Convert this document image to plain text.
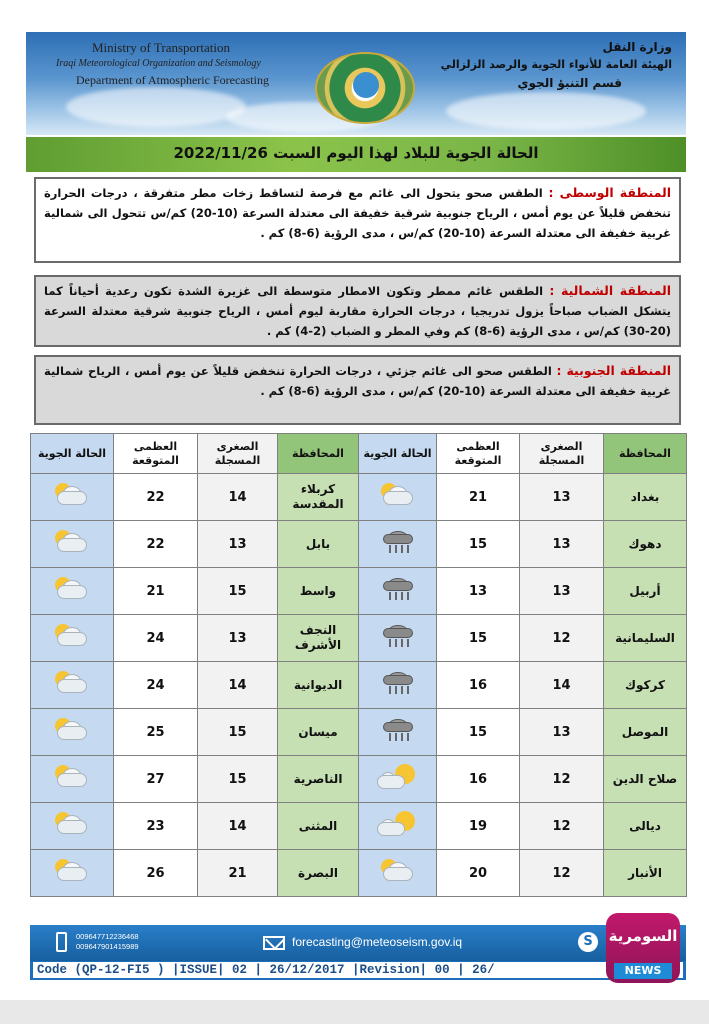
Ministry of Transportation
Iraqi Meteorological Organization and Seismology
Department of Atmospheric Forecasting
وزارة النقل
الهيئة العامة للأنواء الجوية والرصد الزلزالي
قسم التنبؤ الجوي
الحالة الجوية للبلاد لهذا اليوم السبت 2022/11/26
المنطقة الوسطى : الطقس صحو يتحول الى غائم مع فرصة لتساقط زخات مطر متفرقة ، درجات الحرارة تنخفض قليلاً عن يوم أمس ، الرياح جنوبية شرقية خفيفة الى معتدلة السرعة (10-20) كم/س تتحول الى شمالية غربية خفيفة الى معتدلة السرعة (10-20) كم/س ، مدى الرؤية (6-8) كم .
المنطقة الشمالية : الطقس غائم ممطر وتكون الامطار متوسطة الى غزيرة الشدة تكون رعدية أحياناً كما يتشكل الضباب صباحاً يزول تدريجيا ، درجات الحرارة مقاربة ليوم أمس ، الرياح جنوبية شرقية معتدلة السرعة (20-30) كم/س ، مدى الرؤية (6-8) كم وفي المطر و الضباب (2-4) كم .
المنطقة الجنوبية : الطقس صحو الى غائم جزئي ، درجات الحرارة تنخفض قليلاً عن يوم أمس ، الرياح شمالية غربية خفيفة الى معتدلة السرعة (10-20) كم/س ، مدى الرؤية (6-8) كم .
المحافظة	الصغرى المسجلة	العظمى المتوقعة	الحالة الجوية	المحافظة	الصغرى المسجلة	العظمى المتوقعة	الحالة الجوية
بغداد	13	21		كربلاء المقدسة	14	22	

دهوك	13	15		بابل	13	22	

أربيل	13	13		واسط	15	21	

السليمانية	12	15		النجف الأشرف	13	24	

كركوك	14	16		الديوانية	14	24	

الموصل	13	15		ميسان	15	25	

صلاح الدين	12	16		الناصرية	15	27	

ديالى	12	19		المثنى	14	23	

الأنبار	12	20		البصرة	21	26	
009647712236468
009647901415989	forecasting@meteoseism.gov.iq	S
Code (QP-12-FI5 ) |ISSUE| 02 | 26/12/2017 |Revision| 00 | 26/
السومرية
NEWS
